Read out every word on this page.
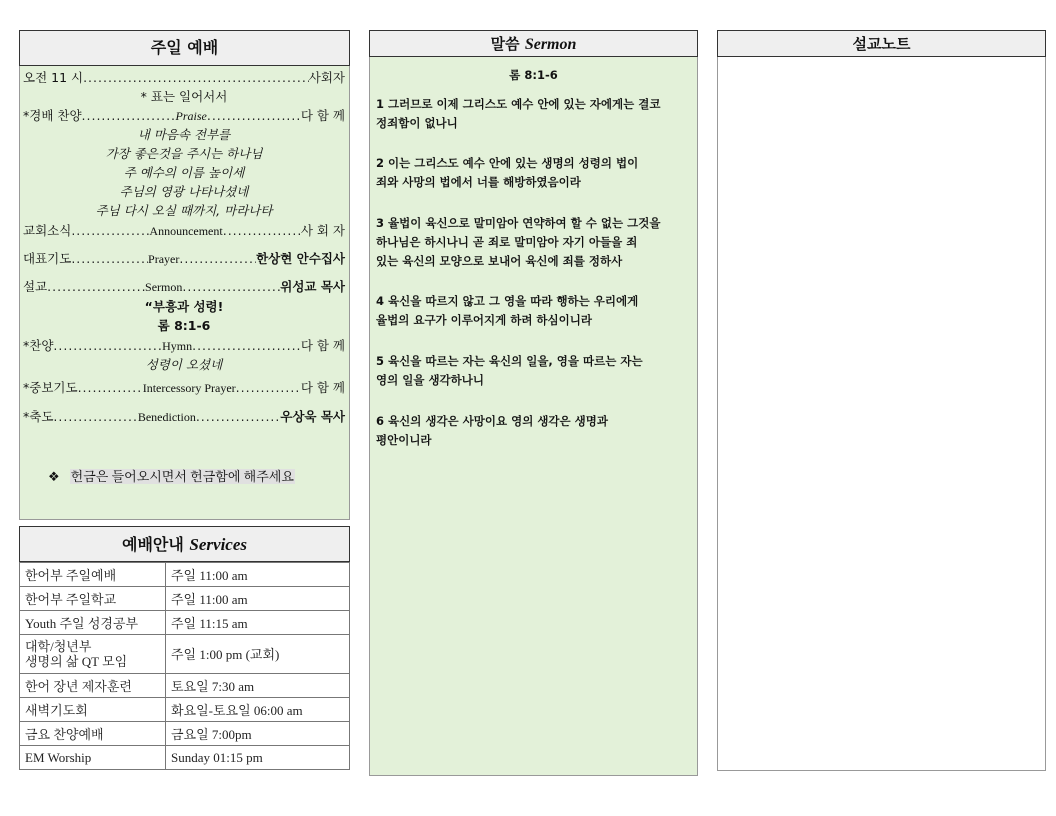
주일 예배
오전 11 시 .....	사회자
* 표는 일어서서
*경배 찬양 .....	Praise .....	다 함 께
내 마음속 전부를
가장 좋은것을 주시는 하나님
주 예수의 이름 높이세
주님의 영광 나타나셨네
주님 다시 오실 때까지, 마라나타
교회소식 .....	Announcement .....	사 회 자
대표기도 .....	Prayer .....	한상현 안수집사
설교 .....	Sermon .....	위성교 목사
“부흥과 성령!
롬 8:1-6
*찬양 .....	Hymn .....	다 함 께
성령이 오셨네
*중보기도 .....	Intercessory Prayer .....	다 함 께
*축도 .....	Benediction .....	우상욱 목사
❖ 헌금은 들어오시면서 헌금함에 해주세요
예배안내 Services
한어부 주일예배	주일 11:00 am
한어부 주일학교	주일 11:00 am
Youth 주일 성경공부	주일 11:15 am
대학/청년부
생명의 삶 QT 모임	주일 1:00 pm (교회)
한어 장년 제자훈련	토요일 7:30 am
새벽기도회	화요일-토요일 06:00 am
금요 찬양예배	금요일 7:00pm
EM Worship	Sunday 01:15 pm
말씀 Sermon
롬 8:1-6
1 그러므로 이제 그리스도 예수 안에 있는 자에게는 결코
정죄함이 없나니
2 이는 그리스도 예수 안에 있는 생명의 성령의 법이
죄와 사망의 법에서 너를 해방하였음이라
3 율법이 육신으로 말미암아 연약하여 할 수 없는 그것을
하나님은 하시나니 곧 죄로 말미암아 자기 아들을 죄
있는 육신의 모양으로 보내어 육신에 죄를 정하사
4 육신을 따르지 않고 그 영을 따라 행하는 우리에게
율법의 요구가 이루어지게 하려 하심이니라
5 육신을 따르는 자는 육신의 일을, 영을 따르는 자는
영의 일을 생각하나니
6 육신의 생각은 사망이요 영의 생각은 생명과
평안이니라
설교노트
